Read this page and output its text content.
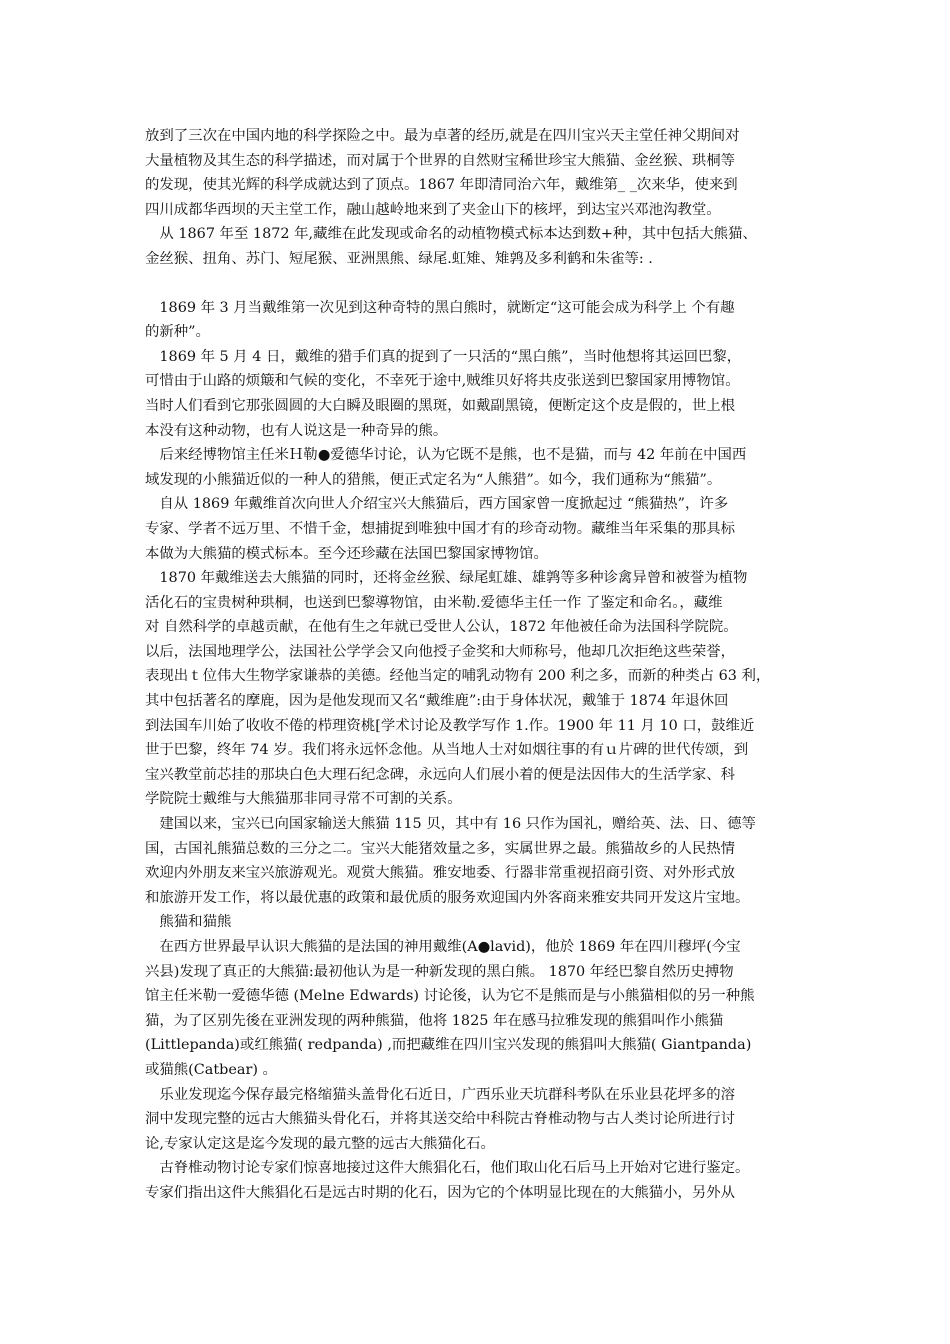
放到了三次在中国内地的科学探险之中。最为卓著的经历,就是在四川宝兴天主堂任神父期间对

大量植物及其生态的科学描述，而对属于个世界的自然财宝稀世珍宝大熊猫、金丝猴、珙桐等

的发现，使其光辉的科学成就达到了顶点。1867 年即清同治六年，戴维第_ _次来华，使来到

四川成都华西坝的天主堂工作，融山越岭地来到了夹金山下的核坪，到达宝兴邓池沟教堂。

　从 1867 年至 1872 年,藏维在此发现或命名的动植物模式标本达到数+种，其中包括大熊猫、

金丝猴、扭角、苏门、短尾猴、亚洲黑熊、绿尾.虹雉、雉鹑及多利鹤和朱雀等: .

　1869 年 3 月当戴维第一次见到这种奇特的黑白熊时，就断定“这可能会成为科学上 个有趣

的新种”。

　1869 年 5 月 4 日，戴维的猎手们真的捉到了一只活的“黑白熊”，当时他想将其运回巴黎，

可惜由于山路的烦簸和气候的变化，不幸死于途中,贼维贝好将共皮张送到巴黎国家用博物馆。

当时人们看到它那张圆圆的大白瞬及眼圈的黑斑，如戴副黑镜，便断定这个皮是假的，世上根

本没有这种动物，也有人说这是一种奇异的熊。

　后来经博物馆主任米Ｈ勒●爱德华讨论，认为它既不是熊，也不是猫，而与 42 年前在中国西

域发现的小熊猫近似的一种人的猎熊，便正式定名为“人熊猎”。如今，我们通称为“熊猫”。

　自从 1869 年戴维首次向世人介绍宝兴大熊猫后，西方国家曾一度掀起过 “熊猫热”，许多

专家、学者不远万里、不惜千金，想捕捉到唯独中国才有的珍奇动物。藏维当年采集的那具标

本做为大熊猫的模式标本。至今还珍藏在法国巴黎国家博物馆。

　1870 年戴维送去大熊猫的同时，还将金丝猴、绿尾虹雄、雄鹑等多种诊禽异曾和被誉为植物

活化石的宝贵树种珙桐，也送到巴黎導物馆，由米勒.爱德华主任一作 了鉴定和命名。，藏维

对 自然科学的卓越贡献，在他有生之年就已受世人公认，1872 年他被任命为法国科学院院。

以后，法国地理学公，法国社公学学会又向他授子金奖和大师称号，他却几次拒绝这些荣誉，

表现出ｔ位伟大生物学家谦恭的美德。经他当定的哺乳动物有 200 利之多，而新的种类占 63 利，

其中包括著名的摩鹿，因为是他发现而又名“戴维鹿”:由于身体状况，戴雏于 1874 年退休回

到法国车川始了收收不倦的栉理资桃[学术讨论及教学写作 1.作。1900 年 11 月 10 口，鼓维近

世于巴黎，终年 74 岁。我们将永远怀念他。从当地人士对如烟往事的有ｕ片碑的世代传颂，到

宝兴教堂前芯挂的那块白色大理石纪念碑，永远向人们展小着的便是法因伟大的生活学家、科

学院院士戴维与大熊猫那非同寻常不可割的关系。

　建国以来，宝兴已向国家输送大熊猫 115 贝，其中有 16 只作为国礼，赠给英、法、日、德等

国，古国礼熊猫总数的三分之二。宝兴大能猪效量之多，实属世界之最。熊猫故乡的人民热情

欢迎内外朋友来宝兴旅游观光。观赏大熊猫。雅安地委、行器非常重视招商引资、对外形式放

和旅游开发工作，将以最优惠的政策和最优质的服务欢迎国内外客商来雅安共同开发这片宝地。

　熊猫和猫熊

　在西方世界最早认识大熊猫的是法国的神用戴维(A●lavid)，他於 1869 年在四川穆坪(今宝

兴县)发现了真正的大熊猫:最初他认为是一种新发现的黑白熊。 1870 年经巴黎自然历史搏物

馆主任米勒一爱德华德 (Melne Edwards) 讨论後，认为它不是熊而是与小熊猫相似的另一种熊

猫，为了区别先後在亚洲发现的两种熊猫，他将 1825 年在感马拉雅发现的熊猖叫作小熊猫

(Littlepanda)或红熊猫( redpanda) ,而把藏维在四川宝兴发现的熊猖叫大熊猫( Giantpanda)

或猫熊(Catbear) 。

　乐业发现迄今保存最完格缩猫头盖骨化石近日，广西乐业天坑群科考队在乐业县花坪多的溶

洞中发现完整的远古大熊猫头骨化石，并将其送交给中科院古脊椎动物与古人类讨论所进行讨

论,专家认定这是迄今发现的最亢整的远古大熊猫化石。

　古脊椎动物讨论专家们惊喜地接过这件大熊猖化石，他们取山化石后马上开始对它进行鉴定。

专家们指出这件大熊猖化石是远古时期的化石，因为它的个体明显比现在的大熊猫小，另外从
